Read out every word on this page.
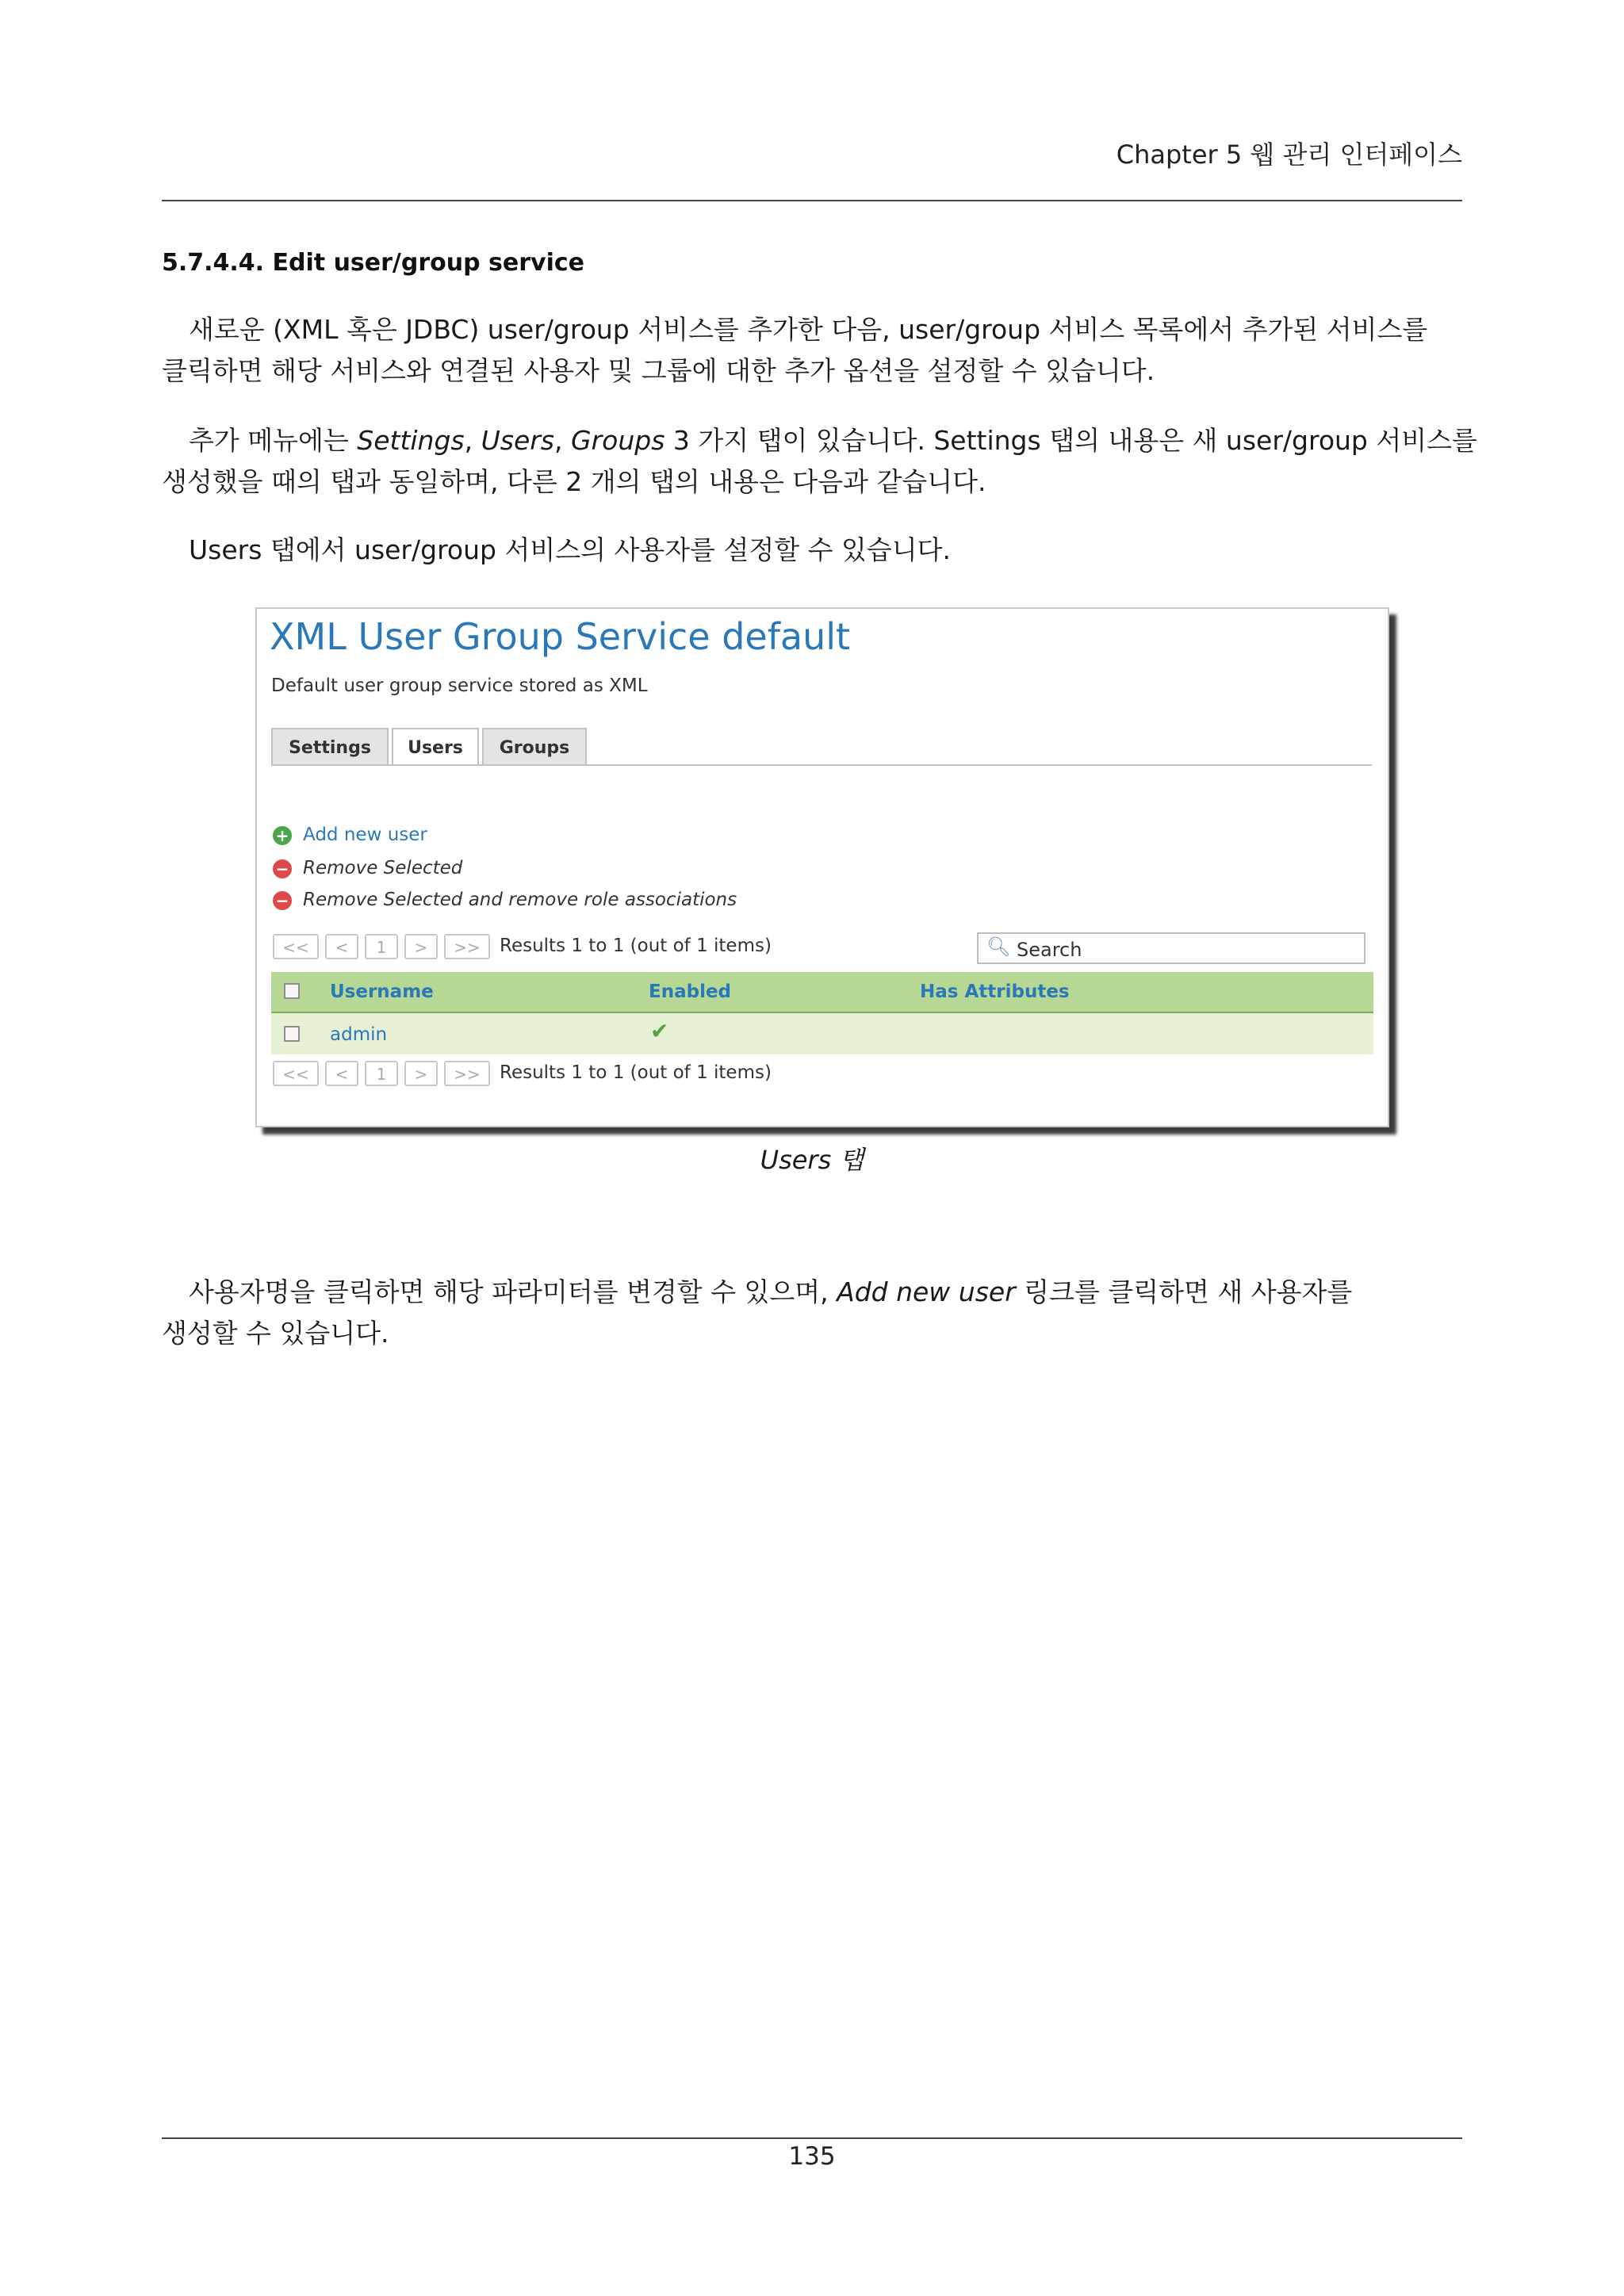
Chapter 5 웹 관리 인터페이스
5.7.4.4. Edit user/group service
새로운 (XML 혹은 JDBC) user/group 서비스를 추가한 다음, user/group 서비스 목록에서 추가된 서비스를
클릭하면 해당 서비스와 연결된 사용자 및 그룹에 대한 추가 옵션을 설정할 수 있습니다.
추가 메뉴에는 Settings, Users, Groups 3 가지 탭이 있습니다. Settings 탭의 내용은 새 user/group 서비스를
생성했을 때의 탭과 동일하며, 다른 2 개의 탭의 내용은 다음과 같습니다.
Users 탭에서 user/group 서비스의 사용자를 설정할 수 있습니다.
XML User Group Service default
Default user group service stored as XML
Settings	Users	Groups
+ Add new user
− Remove Selected
− Remove Selected and remove role associations
<<	<	1	>	>>	Results 1 to 1 (out of 1 items)	🔍︎ Search
Username	Enabled	Has Attributes
admin	✔
<<	<	1	>	>>	Results 1 to 1 (out of 1 items)
Users 탭
사용자명을 클릭하면 해당 파라미터를 변경할 수 있으며, Add new user 링크를 클릭하면 새 사용자를
생성할 수 있습니다.
135
